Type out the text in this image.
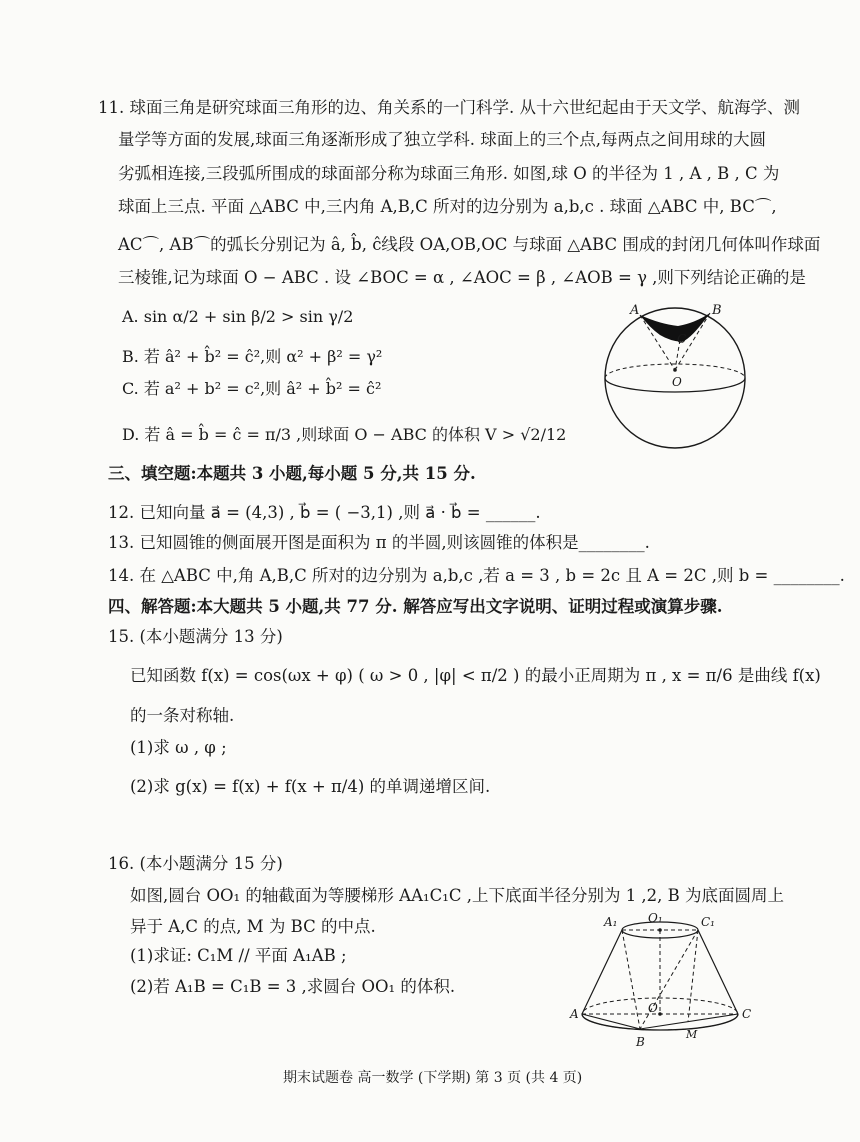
11. 球面三角是研究球面三角形的边、角关系的一门科学. 从十六世纪起由于天文学、航海学、测
量学等方面的发展,球面三角逐渐形成了独立学科. 球面上的三个点,每两点之间用球的大圆
劣弧相连接,三段弧所围成的球面部分称为球面三角形. 如图,球 O 的半径为 1 , A , B , C 为
球面上三点. 平面 △ABC 中,三内角 A,B,C 所对的边分别为 a,b,c . 球面 △ABC 中, BC⌒,
AC⌒, AB⌒的弧长分别记为 â, b̂, ĉ线段 OA,OB,OC 与球面 △ABC 围成的封闭几何体叫作球面
三棱锥,记为球面 O − ABC . 设 ∠BOC = α , ∠AOC = β , ∠AOB = γ ,则下列结论正确的是
A. sin α/2 + sin β/2 > sin γ/2
B. 若 â² + b̂² = ĉ²,则 α² + β² = γ²
C. 若 a² + b² = c²,则 â² + b̂² = ĉ²
D. 若 â = b̂ = ĉ = π/3 ,则球面 O − ABC 的体积 V > √2/12
A	B
C
O
三、填空题:本题共 3 小题,每小题 5 分,共 15 分.
12. 已知向量 a⃗ = (4,3) , b⃗ = ( −3,1) ,则 a⃗ · b⃗ = ______.
13. 已知圆锥的侧面展开图是面积为 π 的半圆,则该圆锥的体积是________.
14. 在 △ABC 中,角 A,B,C 所对的边分别为 a,b,c ,若 a = 3 , b = 2c 且 A = 2C ,则 b = ________.
四、解答题:本大题共 5 小题,共 77 分. 解答应写出文字说明、证明过程或演算步骤.
15. (本小题满分 13 分)
已知函数 f(x) = cos(ωx + φ) ( ω > 0 , |φ| < π/2 ) 的最小正周期为 π , x = π/6 是曲线 f(x)
的一条对称轴.
(1)求 ω , φ ;
(2)求 g(x) = f(x) + f(x + π/4) 的单调递增区间.
16. (本小题满分 15 分)
如图,圆台 OO₁ 的轴截面为等腰梯形 AA₁C₁C ,上下底面半径分别为 1 ,2, B 为底面圆周上
异于 A,C 的点, M 为 BC 的中点.
(1)求证: C₁M // 平面 A₁AB ;
(2)若 A₁B = C₁B = 3 ,求圆台 OO₁ 的体积.
A₁	O₁	C₁
A	O	C
B
M
期末试题卷 高一数学 (下学期) 第 3 页 (共 4 页)
